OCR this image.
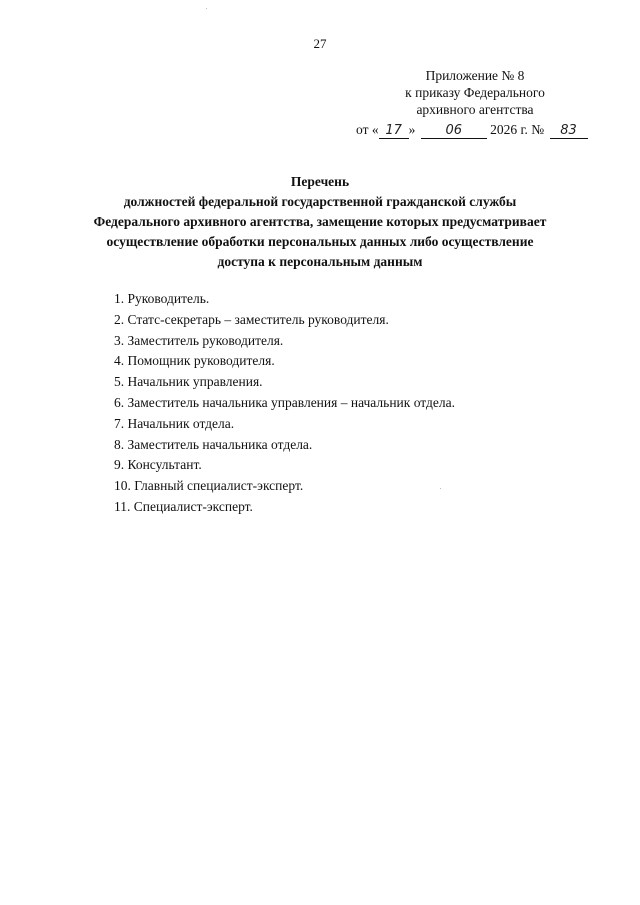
27
Приложение № 8
к приказу Федерального
архивного агентства
от « 17 » 06 2026 г. № 83
Перечень
должностей федеральной государственной гражданской службы
Федерального архивного агентства, замещение которых предусматривает
осуществление обработки персональных данных либо осуществление
доступа к персональным данным
1. Руководитель.
2. Статс-секретарь – заместитель руководителя.
3. Заместитель руководителя.
4. Помощник руководителя.
5. Начальник управления.
6. Заместитель начальника управления – начальник отдела.
7. Начальник отдела.
8. Заместитель начальника отдела.
9. Консультант.
10. Главный специалист-эксперт.
11. Специалист-эксперт.
